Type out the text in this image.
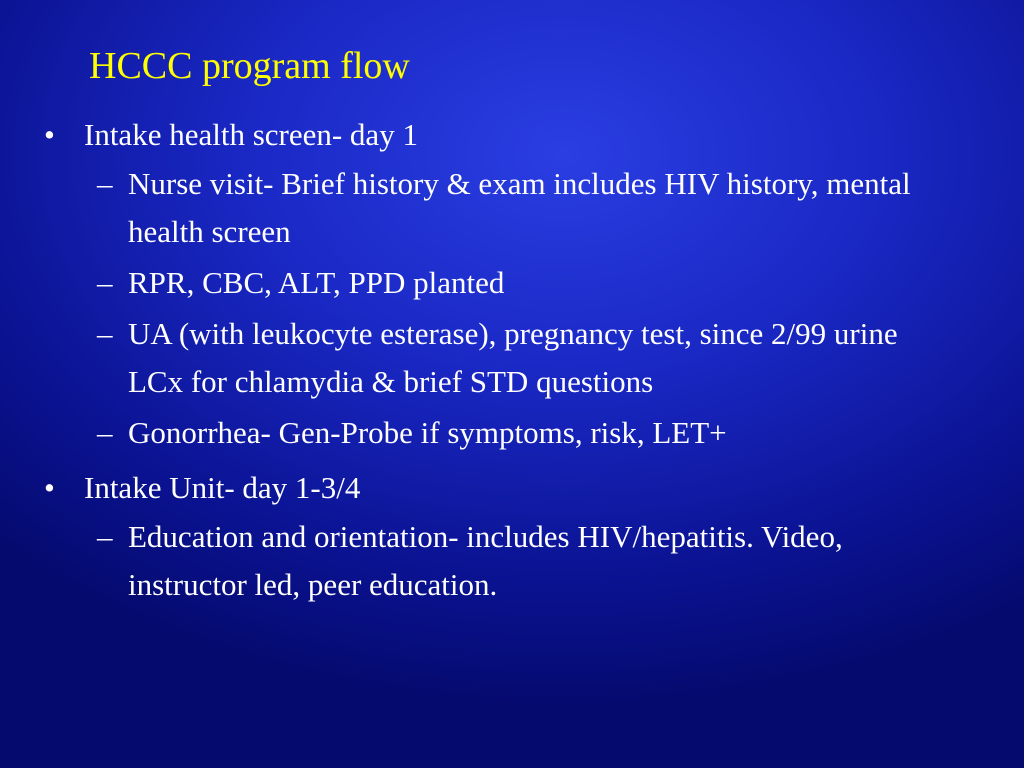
HCCC program flow
• Intake health screen- day 1
– Nurse visit- Brief history & exam includes HIV history, mental health screen
– RPR, CBC, ALT, PPD planted
– UA (with leukocyte esterase), pregnancy test, since 2/99 urine LCx for chlamydia & brief STD questions
– Gonorrhea- Gen-Probe if symptoms, risk, LET+
• Intake Unit- day 1-3/4
– Education and orientation- includes HIV/hepatitis. Video, instructor led, peer education.
